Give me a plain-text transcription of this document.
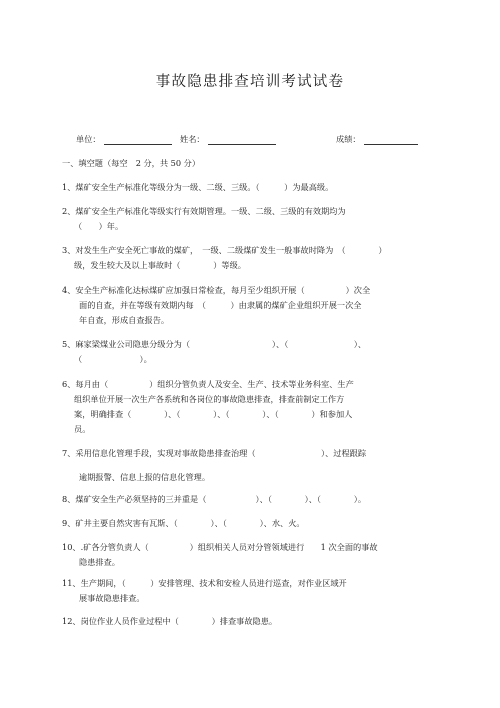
事故隐患排查培训考试试卷
单位：	姓名：	成绩：
一、填空题（每空　2 分，共 50 分）
1、煤矿安全生产标准化等级分为一级、二级、三级。（　　　）为最高级。
2、煤矿安全生产标准化等级实行有效期管理。一级、二级、三级的有效期均为
（　　）年。
3、对发生生产安全死亡事故的煤矿，　一级、二级煤矿发生一般事故时降为　（　　　　）
级，发生较大及以上事故时（　　　　）等级。
4、安全生产标准化达标煤矿应加强日常检查，每月至少组织开展（　　　　　）次全
面的自查，并在等级有效期内每　（　　　）由隶属的煤矿企业组织开展一次全
年自查，形成自查报告。
5、麻家梁煤业公司隐患分级分为（　　　　　　　　　　）、（　　　　　　　　）、
（　　　　　　　）。
6、每月由（　　　　　）组织分管负责人及安全、生产、技术等业务科室、生产
组织单位开展一次生产各系统和各岗位的事故隐患排查，排查前制定工作方
案，明确排查（　　　　）、（　　　　）、（　　　　）、（　　　　）和参加人
员。
7、采用信息化管理手段，实现对事故隐患排查治理（　　　　　　　　）、过程跟踪
逾期报警、信息上报的信息化管理。
8、煤矿安全生产必须坚持的三并重是（　　　　　　）、（　　　　）、（　　　　）。
9、矿井主要自然灾害有瓦斯、（　　　　）、（　　　　）、水、火。
10、.矿各分管负责人（　　　　　）组织相关人员对分管领域进行　　1 次全面的事故
隐患排查。
11、生产期间，（　　　）安排管理、技术和安检人员进行巡查，对作业区域开
展事故隐患排查。
12、岗位作业人员作业过程中（　　　　）排查事故隐患。
